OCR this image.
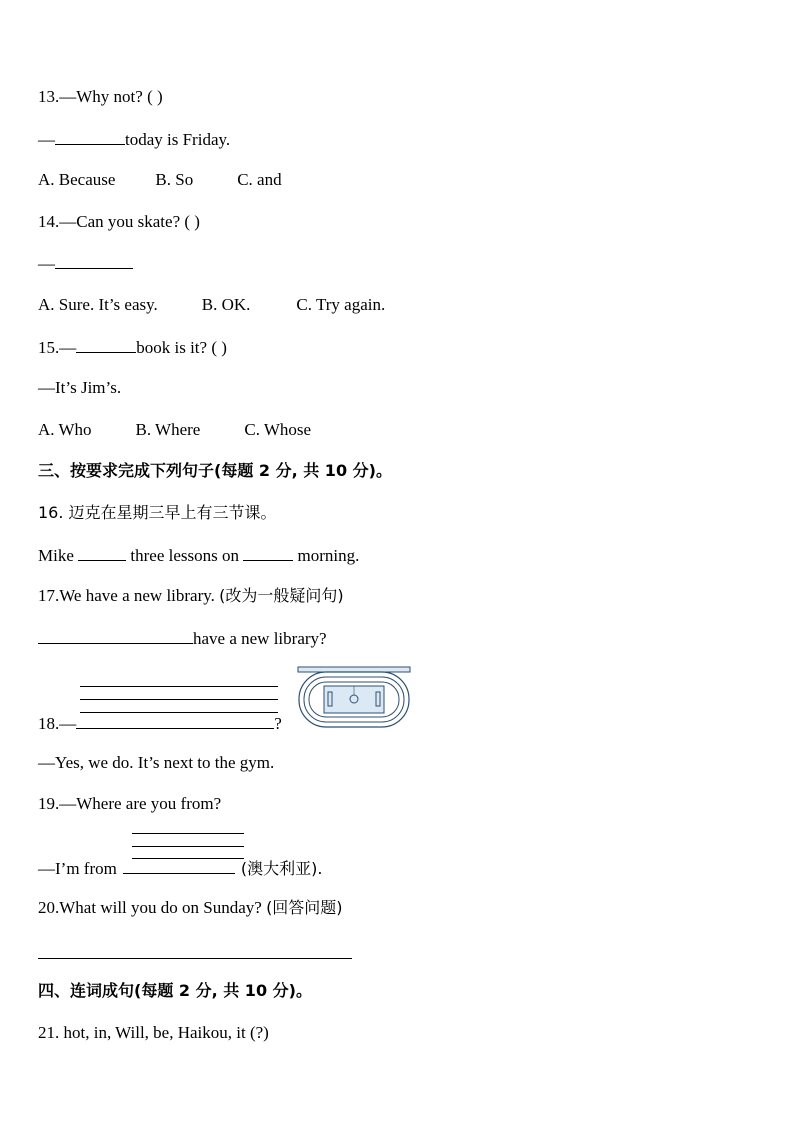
13.—Why not? ( )
—	today is Friday.
A. Because B. So	C. and
14.—Can you skate? ( )
—
A. Sure. It’s easy.	B. OK.	C. Try again.
15.—	book is it? ( )
—It’s Jim’s.
A. Who	B. Where	C. Whose
三、按要求完成下列句子(每题 2 分, 共 10 分)。
16. 迈克在星期三早上有三节课。
Mike	three lessons on	morning.
17.We have a new library. (改为一般疑问句)
have a new library?
18.—	?
—Yes, we do. It’s next to the gym.
19.—Where are you from?
—I’m from	(澳大利亚).
20.What will you do on Sunday? (回答问题)
四、连词成句(每题 2 分, 共 10 分)。
21. hot, in, Will, be, Haikou, it (?)
